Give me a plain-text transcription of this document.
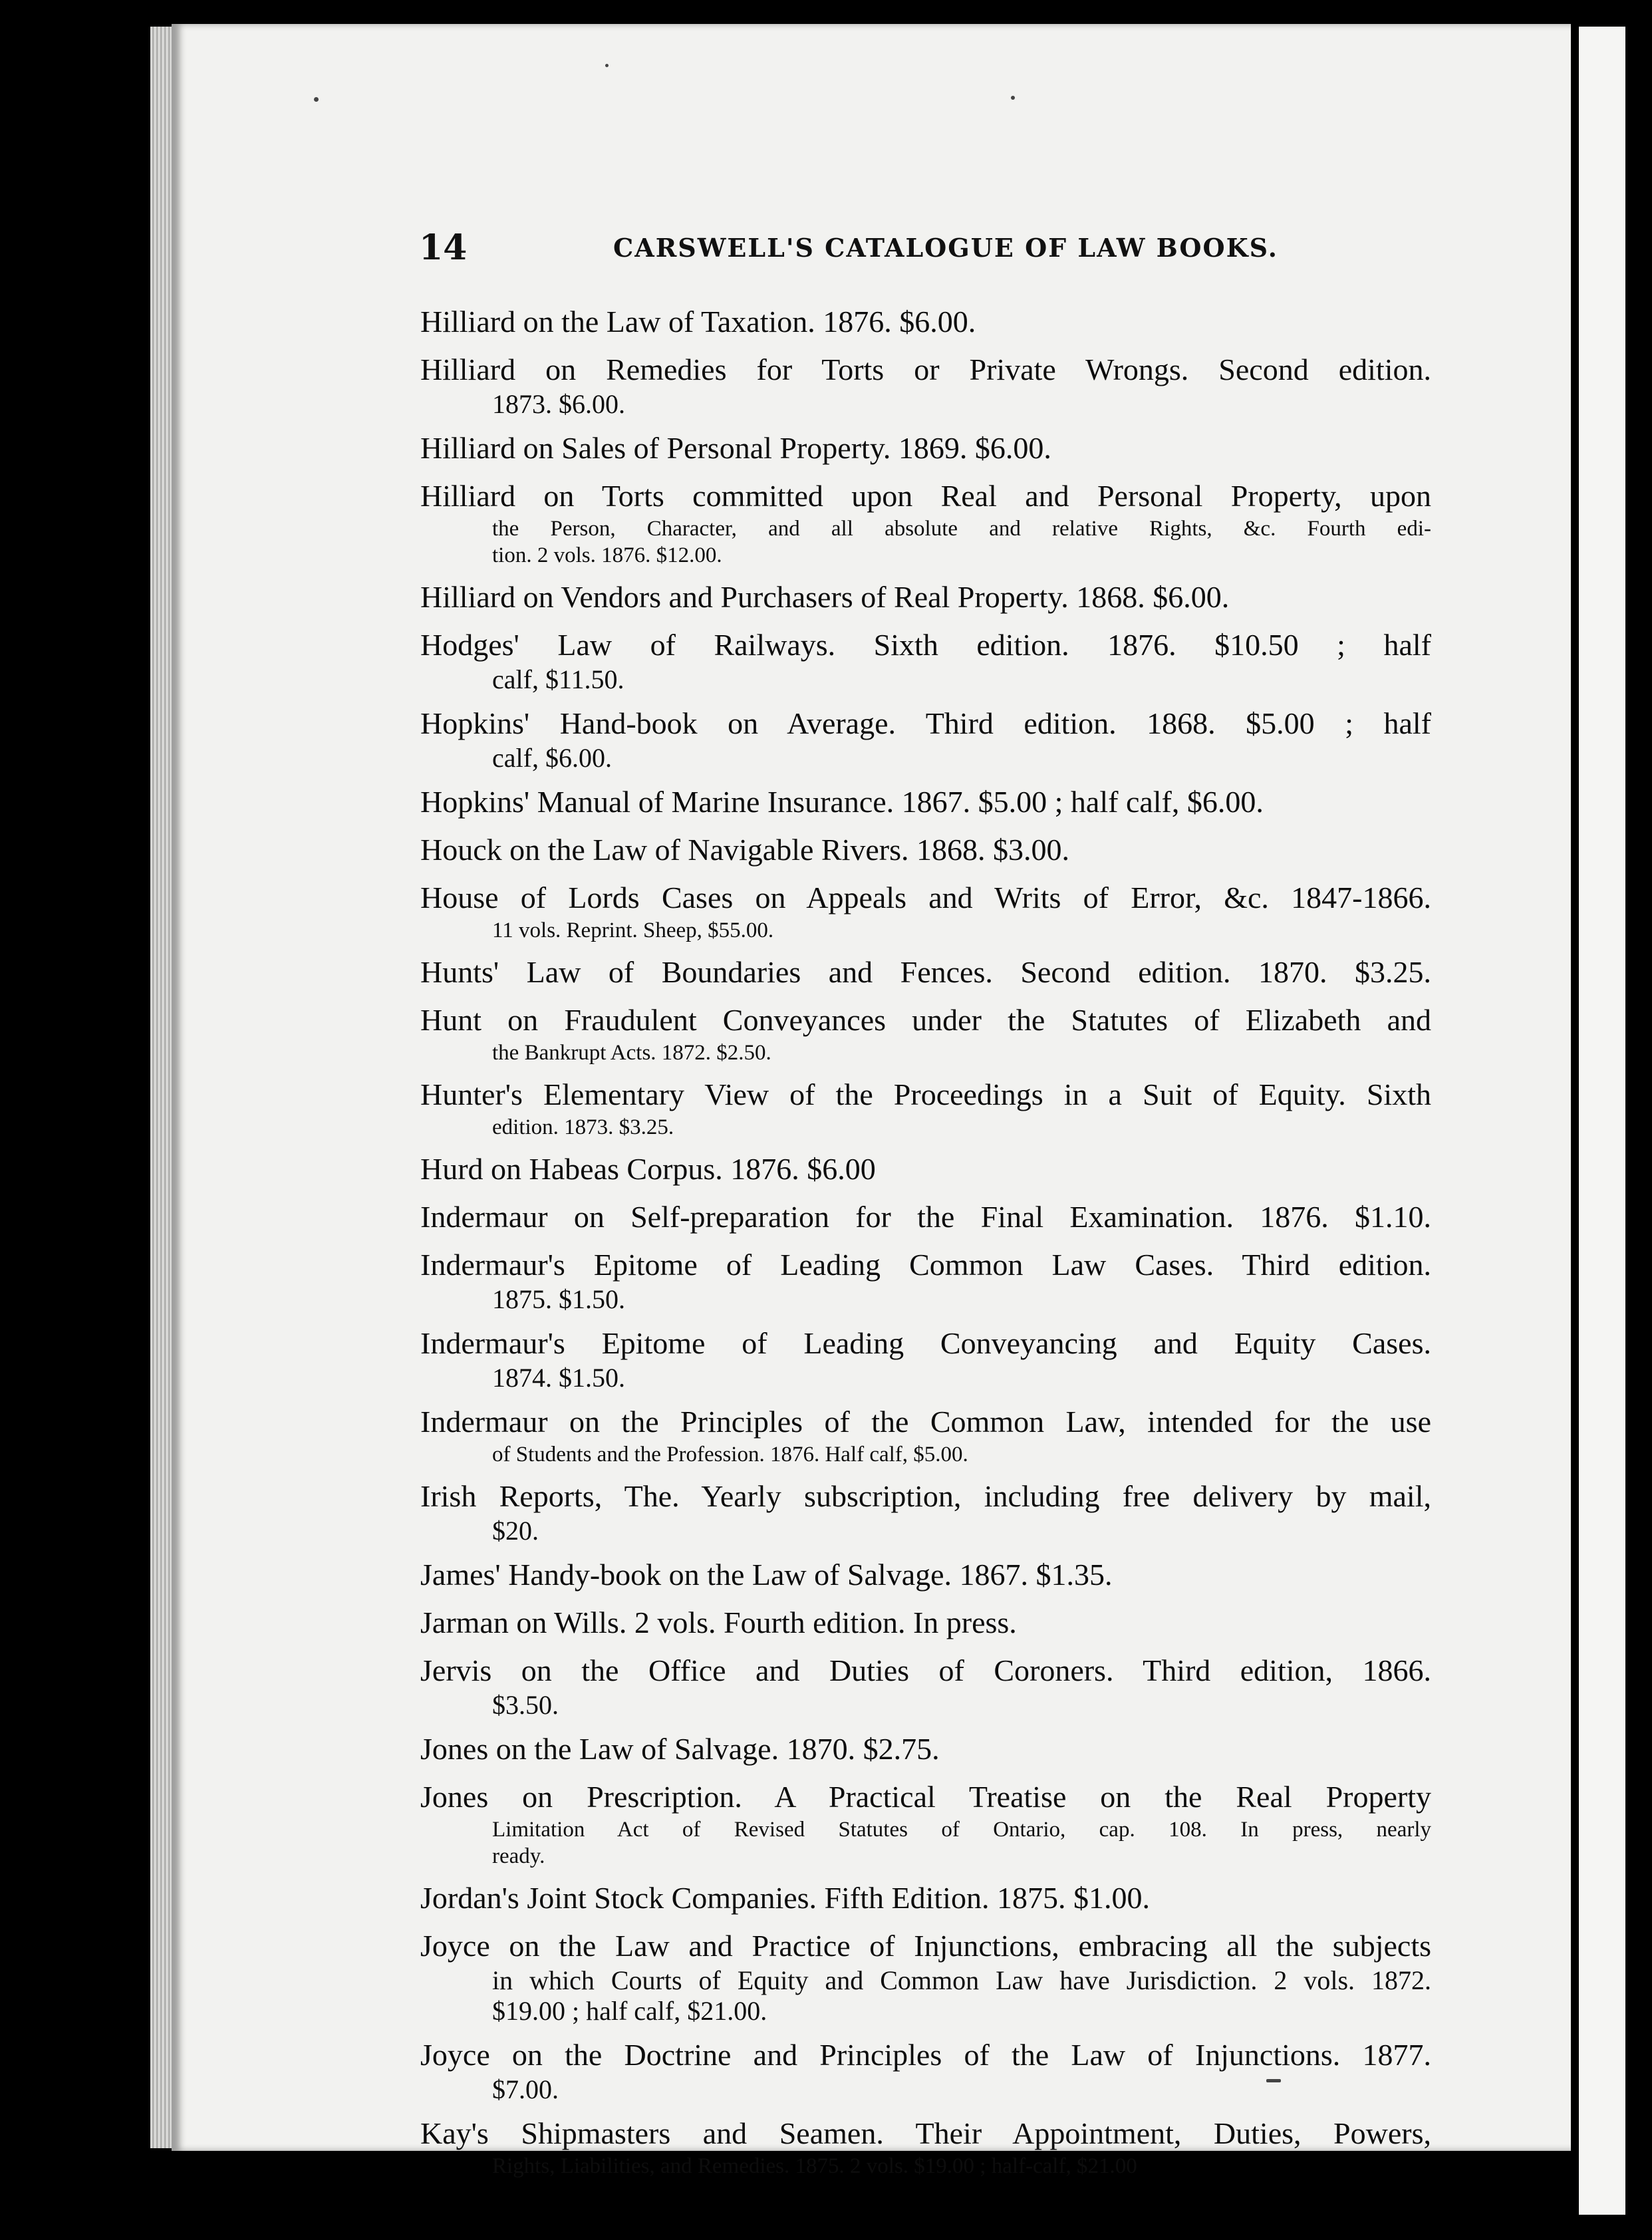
14	CARSWELL'S CATALOGUE OF LAW BOOKS.
Hilliard on the Law of Taxation. 1876. $6.00.
Hilliard on Remedies for Torts or Private Wrongs. Second edition.
1873. $6.00.
Hilliard on Sales of Personal Property. 1869. $6.00.
Hilliard on Torts committed upon Real and Personal Property, upon
the Person, Character, and all absolute and relative Rights, &c. Fourth edi-
tion. 2 vols. 1876. $12.00.
Hilliard on Vendors and Purchasers of Real Property. 1868. $6.00.
Hodges' Law of Railways. Sixth edition. 1876. $10.50 ; half
calf, $11.50.
Hopkins' Hand-book on Average. Third edition. 1868. $5.00 ; half
calf, $6.00.
Hopkins' Manual of Marine Insurance. 1867. $5.00 ; half calf, $6.00.
Houck on the Law of Navigable Rivers. 1868. $3.00.
House of Lords Cases on Appeals and Writs of Error, &c. 1847-1866.
11 vols. Reprint. Sheep, $55.00.
Hunts' Law of Boundaries and Fences. Second edition. 1870. $3.25.
Hunt on Fraudulent Conveyances under the Statutes of Elizabeth and
the Bankrupt Acts. 1872. $2.50.
Hunter's Elementary View of the Proceedings in a Suit of Equity. Sixth
edition. 1873. $3.25.
Hurd on Habeas Corpus. 1876. $6.00
Indermaur on Self-preparation for the Final Examination. 1876. $1.10.
Indermaur's Epitome of Leading Common Law Cases. Third edition.
1875. $1.50.
Indermaur's Epitome of Leading Conveyancing and Equity Cases.
1874. $1.50.
Indermaur on the Principles of the Common Law, intended for the use
of Students and the Profession. 1876. Half calf, $5.00.
Irish Reports, The. Yearly subscription, including free delivery by mail,
$20.
James' Handy-book on the Law of Salvage. 1867. $1.35.
Jarman on Wills. 2 vols. Fourth edition. In press.
Jervis on the Office and Duties of Coroners. Third edition, 1866.
$3.50.
Jones on the Law of Salvage. 1870. $2.75.
Jones on Prescription. A Practical Treatise on the Real Property
Limitation Act of Revised Statutes of Ontario, cap. 108. In press, nearly
ready.
Jordan's Joint Stock Companies. Fifth Edition. 1875. $1.00.
Joyce on the Law and Practice of Injunctions, embracing all the subjects
in which Courts of Equity and Common Law have Jurisdiction. 2 vols. 1872.
$19.00 ; half calf, $21.00.
Joyce on the Doctrine and Principles of the Law of Injunctions. 1877.
$7.00.
Kay's Shipmasters and Seamen. Their Appointment, Duties, Powers,
Rights, Liabilities, and Remedies. 1875. 2 vols. $19.00 ; half-calf, $21.00
